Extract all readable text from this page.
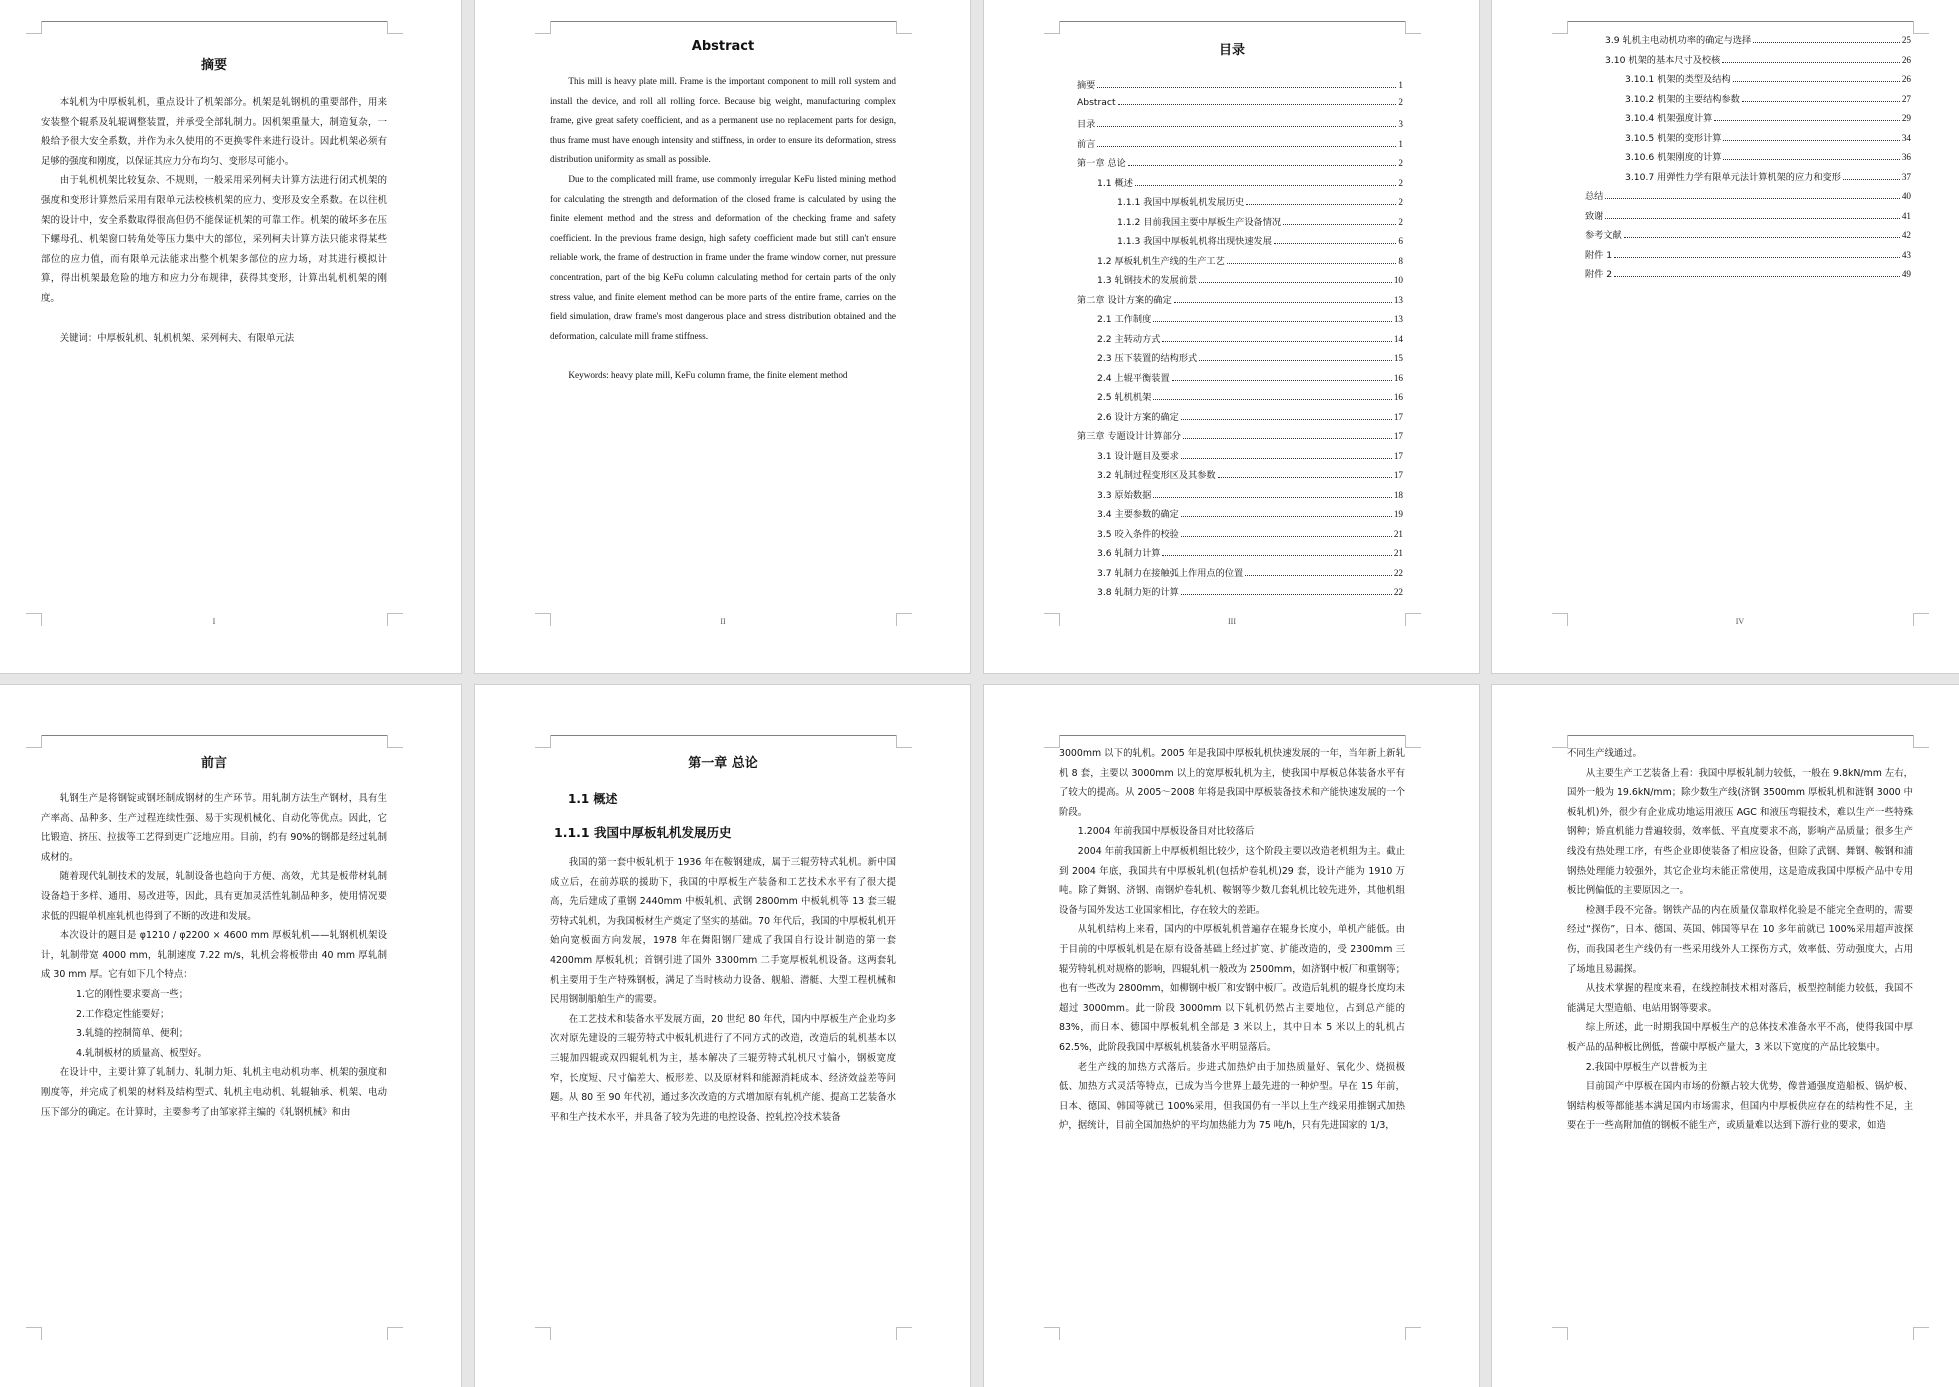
摘要

本轧机为中厚板轧机，重点设计了机架部分。机架是轧钢机的重要部件，用来安装整个辊系及轧辊调整装置，并承受全部轧制力。因机架重量大，制造复杂，一般给予很大安全系数，并作为永久使用的不更换零件来进行设计。因此机架必须有足够的强度和刚度，以保证其应力分布均匀、变形尽可能小。

由于轧机机架比较复杂、不规则，一般采用采列柯夫计算方法进行闭式机架的强度和变形计算然后采用有限单元法校核机架的应力、变形及安全系数。在以往机架的设计中，安全系数取得很高但仍不能保证机架的可靠工作。机架的破坏多在压下螺母孔、机架窗口转角处等压力集中大的部位，采列柯夫计算方法只能求得某些部位的应力值，而有限单元法能求出整个机架多部位的应力场，对其进行模拟计算，得出机架最危险的地方和应力分布规律，获得其变形，计算出轧机机架的刚度。

关键词：中厚板轧机、轧机机架、采列柯夫、有限单元法

I
Abstract

This mill is heavy plate mill. Frame is the important component to mill roll system and install the device, and roll all rolling force. Because big weight, manufacturing complex frame, give great safety coefficient, and as a permanent use no replacement parts for design, thus frame must have enough intensity and stiffness, in order to ensure its deformation, stress distribution uniformity as small as possible.

Due to the complicated mill frame, use commonly irregular KeFu listed mining method for calculating the strength and deformation of the closed frame is calculated by using the finite element method and the stress and deformation of the checking frame and safety coefficient. In the previous frame design, high safety coefficient made but still can't ensure reliable work, the frame of destruction in frame under the frame window corner, nut pressure concentration, part of the big KeFu column calculating method for certain parts of the only stress value, and finite element method can be more parts of the entire frame, carries on the field simulation, draw frame's most dangerous place and stress distribution obtained and the deformation, calculate mill frame stiffness.

Keywords: heavy plate mill, KeFu column frame, the finite element method

II
目录
摘要	1
Abstract	2
目录	3
前言	1
第一章 总论	2
1.1 概述	2
1.1.1 我国中厚板轧机发展历史	2
1.1.2 目前我国主要中厚板生产设备情况	2
1.1.3 我国中厚板轧机将出现快速发展	6
1.2 厚板轧机生产线的生产工艺	8
1.3 轧钢技术的发展前景	10
第二章 设计方案的确定	13
2.1 工作制度	13
2.2 主转动方式	14
2.3 压下装置的结构形式	15
2.4 上辊平衡装置	16
2.5 轧机机架	16
2.6 设计方案的确定	17
第三章 专题设计计算部分	17
3.1 设计题目及要求	17
3.2 轧制过程变形区及其参数	17
3.3 原始数据	18
3.4 主要参数的确定	19
3.5 咬入条件的校验	21
3.6 轧制力计算	21
3.7 轧制力在接触弧上作用点的位置	22
3.8 轧制力矩的计算	22
III
3.9 轧机主电动机功率的确定与选择	25
3.10 机架的基本尺寸及校核	26
3.10.1 机架的类型及结构	26
3.10.2 机架的主要结构参数	27
3.10.4 机架强度计算	29
3.10.5 机架的变形计算	34
3.10.6 机架刚度的计算	36
3.10.7 用弹性力学有限单元法计算机架的应力和变形	37
总结	40
致谢	41
参考文献	42
附件 1	43
附件 2	49
IV
前言

轧钢生产是将钢锭或钢坯制成钢材的生产环节。用轧制方法生产钢材，具有生产率高、品种多、生产过程连续性强、易于实现机械化、自动化等优点。因此，它比锻造、挤压、拉拔等工艺得到更广泛地应用。目前，约有 90%的钢都是经过轧制成材的。

随着现代轧制技术的发展，轧制设备也趋向于方便、高效，尤其是板带材轧制设备趋于多样、通用、易改进等，因此，具有更加灵活性轧制品种多，使用情况要求低的四辊单机座轧机也得到了不断的改进和发展。

本次设计的题目是 φ1210 / φ2200 × 4600 mm 厚板轧机——轧钢机机架设计，轧制带宽 4000 mm，轧制速度 7.22 m/s，轧机会将板带由 40 mm 厚轧制成 30 mm 厚。它有如下几个特点：

1.它的刚性要求要高一些；

2.工作稳定性能要好；

3.轧缝的控制简单、便利；

4.轧制板材的质量高、板型好。

在设计中，主要计算了轧制力、轧制力矩、轧机主电动机功率、机架的强度和刚度等，并完成了机架的材料及结构型式、轧机主电动机、轧辊轴承、机架、电动压下部分的确定。在计算时，主要参考了由邹家祥主编的《轧钢机械》和由

第一章 总论
1.1 概述
1.1.1 我国中厚板轧机发展历史

我国的第一套中板轧机于 1936 年在鞍钢建成，属于三辊劳特式轧机。新中国成立后，在前苏联的援助下，我国的中厚板生产装备和工艺技术水平有了很大提高，先后建成了重钢 2440mm 中板轧机、武钢 2800mm 中板轧机等 13 套三辊劳特式轧机，为我国板材生产奠定了坚实的基础。70 年代后，我国的中厚板轧机开始向宽板面方向发展，1978 年在舞阳钢厂建成了我国自行设计制造的第一套 4200mm 厚板轧机；首钢引进了国外 3300mm 二手宽厚板轧机设备。这两套轧机主要用于生产特殊钢板，满足了当时核动力设备、舰船、潜艇、大型工程机械和民用钢制船舶生产的需要。

在工艺技术和装备水平发展方面，20 世纪 80 年代，国内中厚板生产企业均多次对原先建设的三辊劳特式中板轧机进行了不同方式的改造，改造后的轧机基本以三辊加四辊或双四辊轧机为主，基本解决了三辊劳特式轧机尺寸偏小，钢板宽度窄，长度短、尺寸偏差大、板形差、以及原材料和能源消耗成本、经济效益差等问题。从 80 至 90 年代初，通过多次改造的方式增加原有轧机产能、提高工艺装备水平和生产技术水平，并具备了较为先进的电控设备、控轧控冷技术装备

3000mm 以下的轧机。2005 年是我国中厚板轧机快速发展的一年，当年新上新轧机 8 套，主要以 3000mm 以上的宽厚板轧机为主，使我国中厚板总体装备水平有了较大的提高。从 2005～2008 年将是我国中厚板装备技术和产能快速发展的一个阶段。

1.2004 年前我国中厚板设备目对比较落后

2004 年前我国新上中厚板机组比较少，这个阶段主要以改造老机组为主。截止到 2004 年底，我国共有中厚板轧机(包括炉卷轧机)29 套，设计产能为 1910 万吨。除了舞钢、济钢、南钢炉卷轧机、鞍钢等少数几套轧机比较先进外，其他机组设备与国外发达工业国家相比，存在较大的差距。

从轧机结构上来看，国内的中厚板轧机普遍存在辊身长度小，单机产能低。由于目前的中厚板轧机是在原有设备基础上经过扩宽、扩能改造的，受 2300mm 三辊劳特轧机对规格的影响，四辊轧机一般改为 2500mm，如济钢中板厂和重钢等；也有一些改为 2800mm，如柳钢中板厂和安钢中板厂。改造后轧机的辊身长度均未超过 3000mm。此一阶段 3000mm 以下轧机仍然占主要地位，占到总产能的 83%，而日本、德国中厚板轧机全部是 3 米以上，其中日本 5 米以上的轧机占 62.5%，此阶段我国中厚板轧机装备水平明显落后。

老生产线的加热方式落后。步进式加热炉由于加热质量好、氧化少、烧损极低、加热方式灵活等特点，已成为当今世界上最先进的一种炉型。早在 15 年前，日本、德国、韩国等就已 100%采用，但我国仍有一半以上生产线采用推钢式加热炉，据统计，目前全国加热炉的平均加热能力为 75 吨/h，只有先进国家的 1/3，

不同生产线通过。

从主要生产工艺装备上看：我国中厚板轧制力较低，一般在 9.8kN/mm 左右，国外一般为 19.6kN/mm；除少数生产线(济钢 3500mm 厚板轧机和涟钢 3000 中板轧机)外，很少有企业成功地运用液压 AGC 和液压弯辊技术，难以生产一些特殊钢种；矫直机能力普遍较弱，效率低、平直度要求不高，影响产品质量；很多生产线没有热处理工序，有些企业即使装备了相应设备，但除了武钢、舞钢、鞍钢和浦钢热处理能力较强外，其它企业均未能正常使用，这是造成我国中厚板产品中专用板比例偏低的主要原因之一。

检测手段不完备。钢铁产品的内在质量仅靠取样化验是不能完全查明的，需要经过“探伤”，日本、德国、英国、韩国等早在 10 多年前就已 100%采用超声波探伤，而我国老生产线仍有一些采用线外人工探伤方式，效率低、劳动强度大，占用了场地且易漏探。

从技术掌握的程度来看，在线控制技术相对落后，板型控制能力较低，我国不能满足大型造船、电站用钢等要求。

综上所述，此一时期我国中厚板生产的总体技术准备水平不高，使得我国中厚板产品的品种板比例低，普碳中厚板产量大，3 米以下宽度的产品比较集中。

2.我国中厚板生产以普板为主

目前国产中厚板在国内市场的份额占较大优势，像普通强度造船板、锅炉板、钢结构板等都能基本满足国内市场需求，但国内中厚板供应存在的结构性不足，主要在于一些高附加值的钢板不能生产，或质量难以达到下游行业的要求，如造
